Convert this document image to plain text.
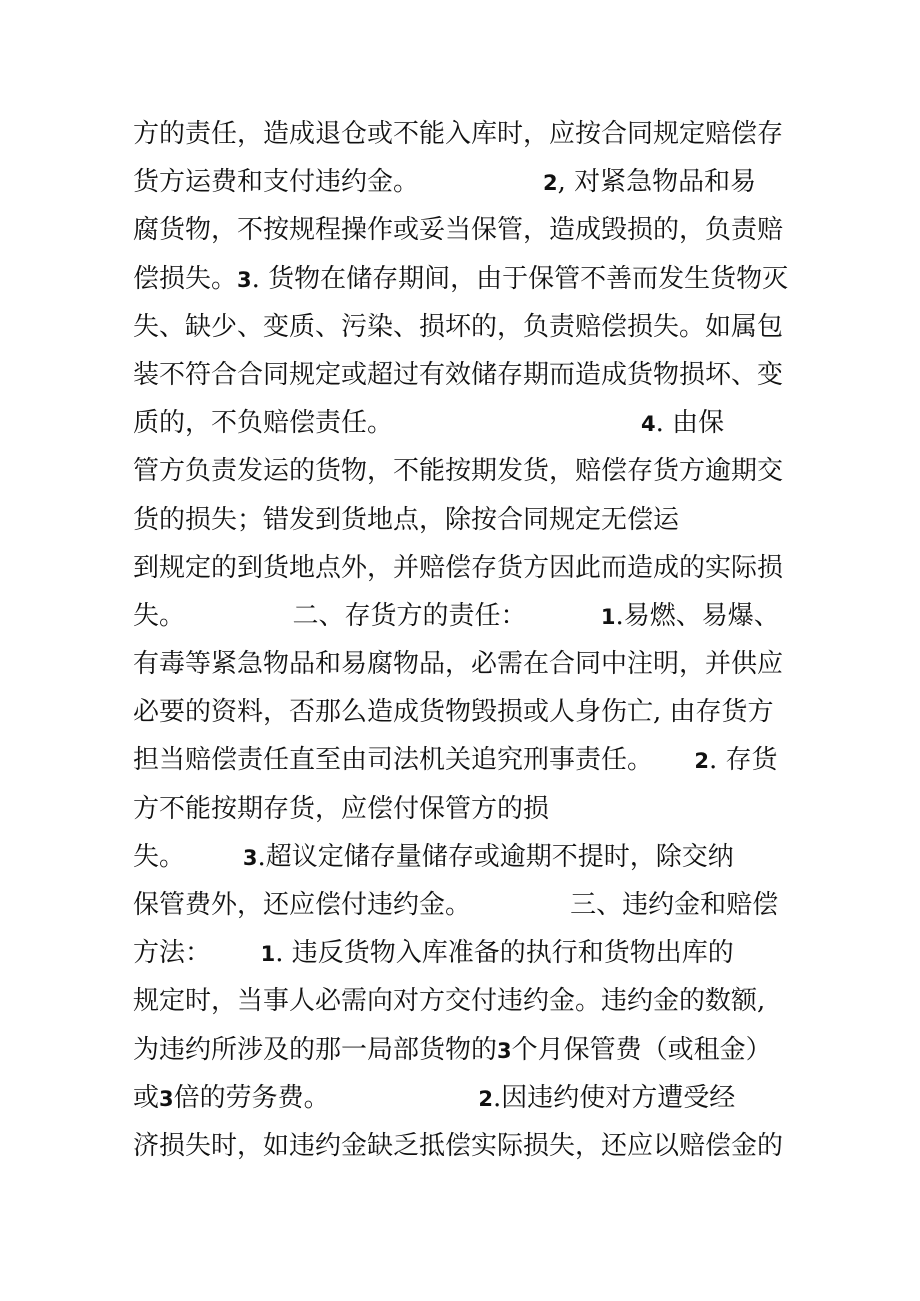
方的责任，造成退仓或不能入库时，应按合同规定赔偿存
货方运费和支付违约金。               2, 对紧急物品和易
腐货物，不按规程操作或妥当保管，造成毁损的，负责赔
偿损失。3. 货物在储存期间，由于保管不善而发生货物灭
失、缺少、变质、污染、损坏的，负责赔偿损失。如属包
装不符合合同规定或超过有效储存期而造成货物损坏、变
质的，不负赔偿责任。                              4. 由保
管方负责发运的货物，不能按期发货，赔偿存货方逾期交
货的损失；错发到货地点，除按合同规定无偿运
到规定的到货地点外，并赔偿存货方因此而造成的实际损
失。             二、存货方的责任：         1.易燃、易爆、
有毒等紧急物品和易腐物品，必需在合同中注明，并供应
必要的资料，否那么造成货物毁损或人身伤亡, 由存货方
担当赔偿责任直至由司法机关追究刑事责任。     2. 存货
方不能按期存货，应偿付保管方的损
失。       3.超议定储存量储存或逾期不提时，除交纳
保管费外，还应偿付违约金。            三、违约金和赔偿
方法：      1. 违反货物入库准备的执行和货物出库的
规定时，当事人必需向对方交付违约金。违约金的数额,
为违约所涉及的那一局部货物的3个月保管费（或租金）
或3倍的劳务费。                  2.因违约使对方遭受经
济损失时，如违约金缺乏抵偿实际损失，还应以赔偿金的
